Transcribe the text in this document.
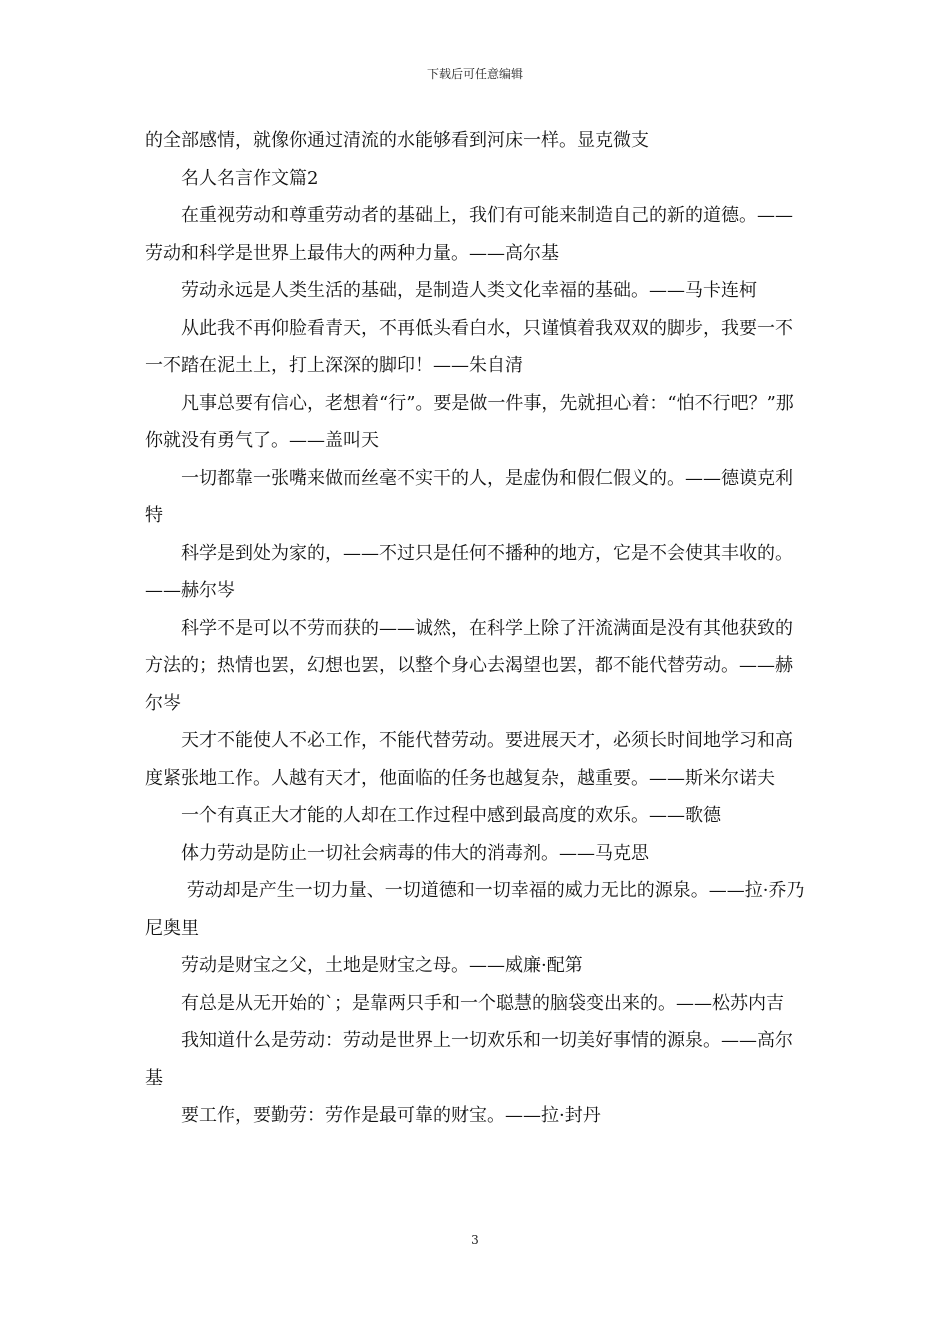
下载后可任意编辑

的全部感情，就像你通过清流的水能够看到河床一样。显克微支

名人名言作文篇2

在重视劳动和尊重劳动者的基础上，我们有可能来制造自己的新的道德。——劳动和科学是世界上最伟大的两种力量。——高尔基

劳动永远是人类生活的基础，是制造人类文化幸福的基础。——马卡连柯

从此我不再仰脸看青天，不再低头看白水，只谨慎着我双双的脚步，我要一不一不踏在泥土上，打上深深的脚印！——朱自清

凡事总要有信心，老想着“行”。要是做一件事，先就担心着：“怕不行吧？”那你就没有勇气了。——盖叫天

一切都靠一张嘴来做而丝毫不实干的人，是虚伪和假仁假义的。——德谟克利特

科学是到处为家的，——不过只是任何不播种的地方，它是不会使其丰收的。——赫尔岑

科学不是可以不劳而获的——诚然，在科学上除了汗流满面是没有其他获致的方法的；热情也罢，幻想也罢，以整个身心去渴望也罢，都不能代替劳动。——赫尔岑

天才不能使人不必工作，不能代替劳动。要进展天才，必须长时间地学习和高度紧张地工作。人越有天才，他面临的任务也越复杂，越重要。——斯米尔诺夫

一个有真正大才能的人却在工作过程中感到最高度的欢乐。——歌德

体力劳动是防止一切社会病毒的伟大的消毒剂。——马克思

劳动却是产生一切力量、一切道德和一切幸福的威力无比的源泉。——拉·乔乃尼奥里

劳动是财宝之父，土地是财宝之母。——威廉·配第

有总是从无开始的`；是靠两只手和一个聪慧的脑袋变出来的。——松苏内吉

我知道什么是劳动：劳动是世界上一切欢乐和一切美好事情的源泉。——高尔基

要工作，要勤劳：劳作是最可靠的财宝。——拉·封丹

3
